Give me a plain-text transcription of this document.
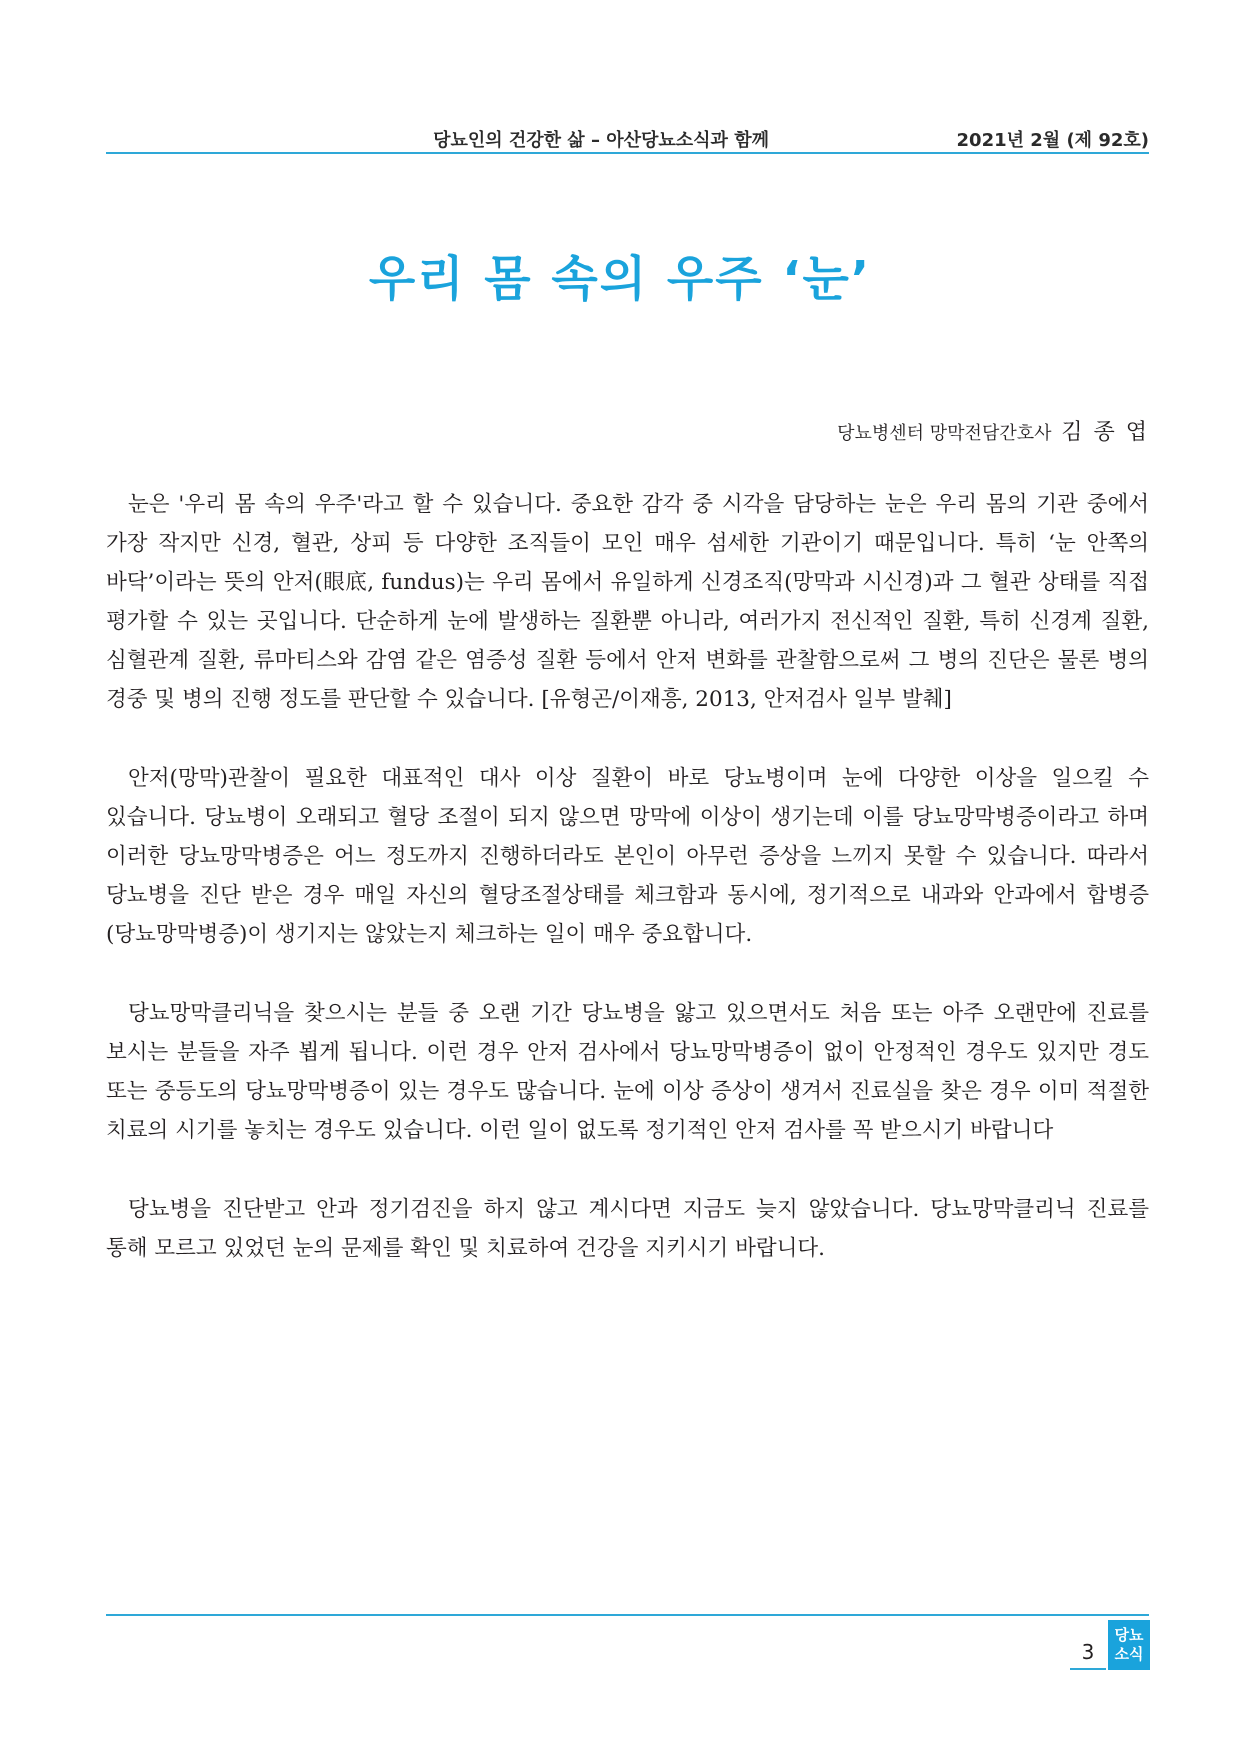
당뇨인의 건강한 삶 – 아산당뇨소식과 함께	2021년 2월 (제 92호)
우리 몸 속의 우주 ‘눈’
당뇨병센터 망막전담간호사 김 종 엽

눈은 '우리 몸 속의 우주'라고 할 수 있습니다. 중요한 감각 중 시각을 담당하는 눈은 우리 몸의 기관 중에서 가장 작지만 신경, 혈관, 상피 등 다양한 조직들이 모인 매우 섬세한 기관이기 때문입니다. 특히 ‘눈 안쪽의 바닥’이라는 뜻의 안저(眼底, fundus)는 우리 몸에서 유일하게 신경조직(망막과 시신경)과 그 혈관 상태를 직접 평가할 수 있는 곳입니다. 단순하게 눈에 발생하는 질환뿐 아니라, 여러가지 전신적인 질환, 특히 신경계 질환, 심혈관계 질환, 류마티스와 감염 같은 염증성 질환 등에서 안저 변화를 관찰함으로써 그 병의 진단은 물론 병의 경중 및 병의 진행 정도를 판단할 수 있습니다. [유형곤/이재흥, 2013, 안저검사 일부 발췌]

안저(망막)관찰이 필요한 대표적인 대사 이상 질환이 바로 당뇨병이며 눈에 다양한 이상을 일으킬 수 있습니다. 당뇨병이 오래되고 혈당 조절이 되지 않으면 망막에 이상이 생기는데 이를 당뇨망막병증이라고 하며 이러한 당뇨망막병증은 어느 정도까지 진행하더라도 본인이 아무런 증상을 느끼지 못할 수 있습니다. 따라서 당뇨병을 진단 받은 경우 매일 자신의 혈당조절상태를 체크함과 동시에, 정기적으로 내과와 안과에서 합병증(당뇨망막병증)이 생기지는 않았는지 체크하는 일이 매우 중요합니다.

당뇨망막클리닉을 찾으시는 분들 중 오랜 기간 당뇨병을 앓고 있으면서도 처음 또는 아주 오랜만에 진료를 보시는 분들을 자주 뵙게 됩니다. 이런 경우 안저 검사에서 당뇨망막병증이 없이 안정적인 경우도 있지만 경도 또는 중등도의 당뇨망막병증이 있는 경우도 많습니다. 눈에 이상 증상이 생겨서 진료실을 찾은 경우 이미 적절한 치료의 시기를 놓치는 경우도 있습니다. 이런 일이 없도록 정기적인 안저 검사를 꼭 받으시기 바랍니다

당뇨병을 진단받고 안과 정기검진을 하지 않고 계시다면 지금도 늦지 않았습니다. 당뇨망막클리닉 진료를 통해 모르고 있었던 눈의 문제를 확인 및 치료하여 건강을 지키시기 바랍니다.

3
당뇨
소식
